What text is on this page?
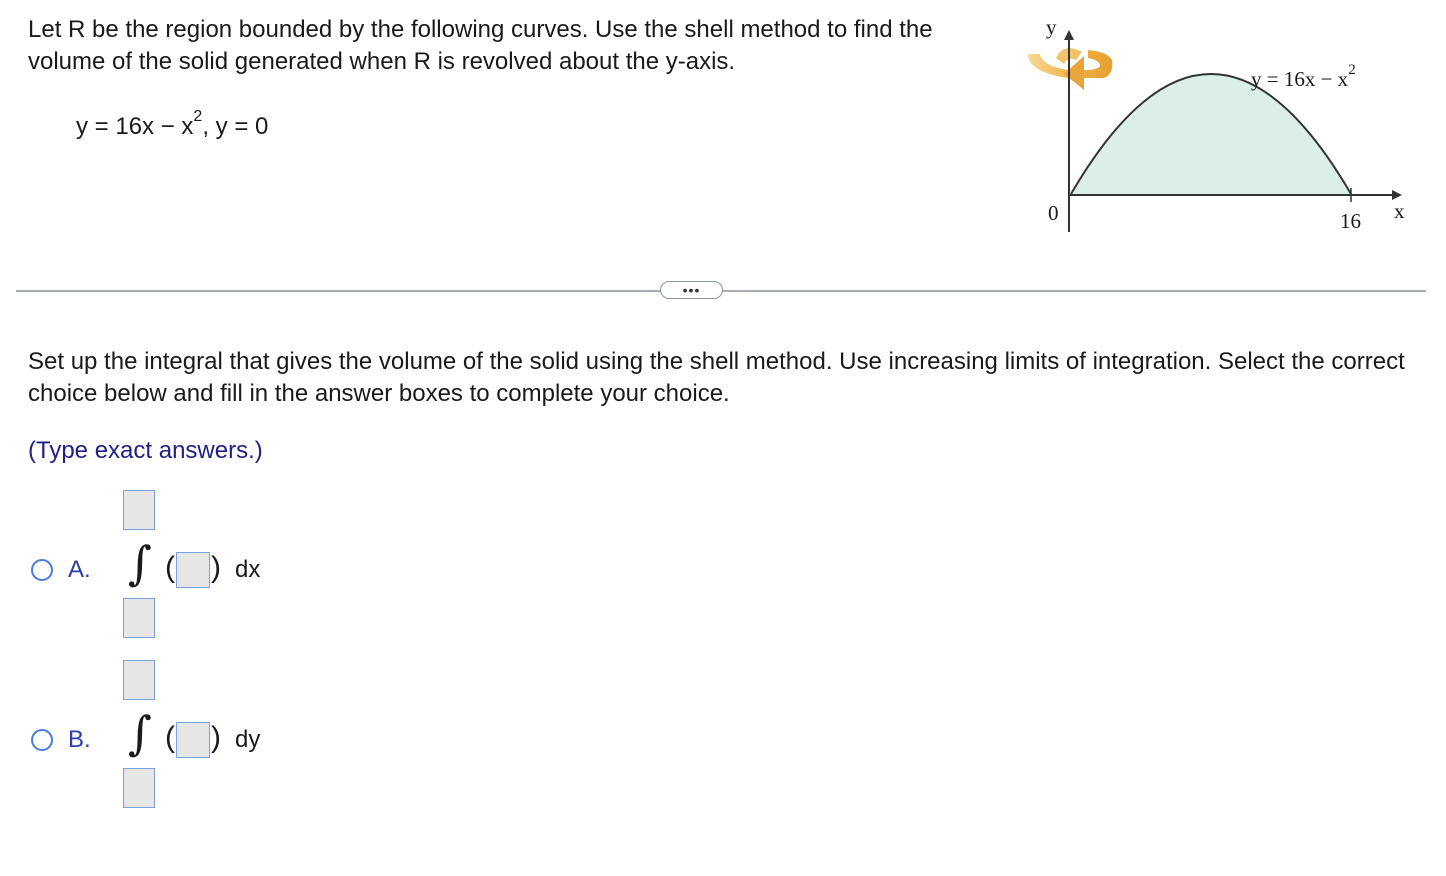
Let R be the region bounded by the following curves. Use the shell method to find the volume of the solid generated when R is revolved about the y-axis.

$y = 16x - x^2$, y = 0
y
x
0	16
$y = 16x - x^2$
•••

Set up the integral that gives the volume of the solid using the shell method. Use increasing limits of integration. Select the correct choice below and fill in the answer boxes to complete your choice.

(Type exact answers.)
A. ∫ ( ) dx
B. ∫ ( ) dy
